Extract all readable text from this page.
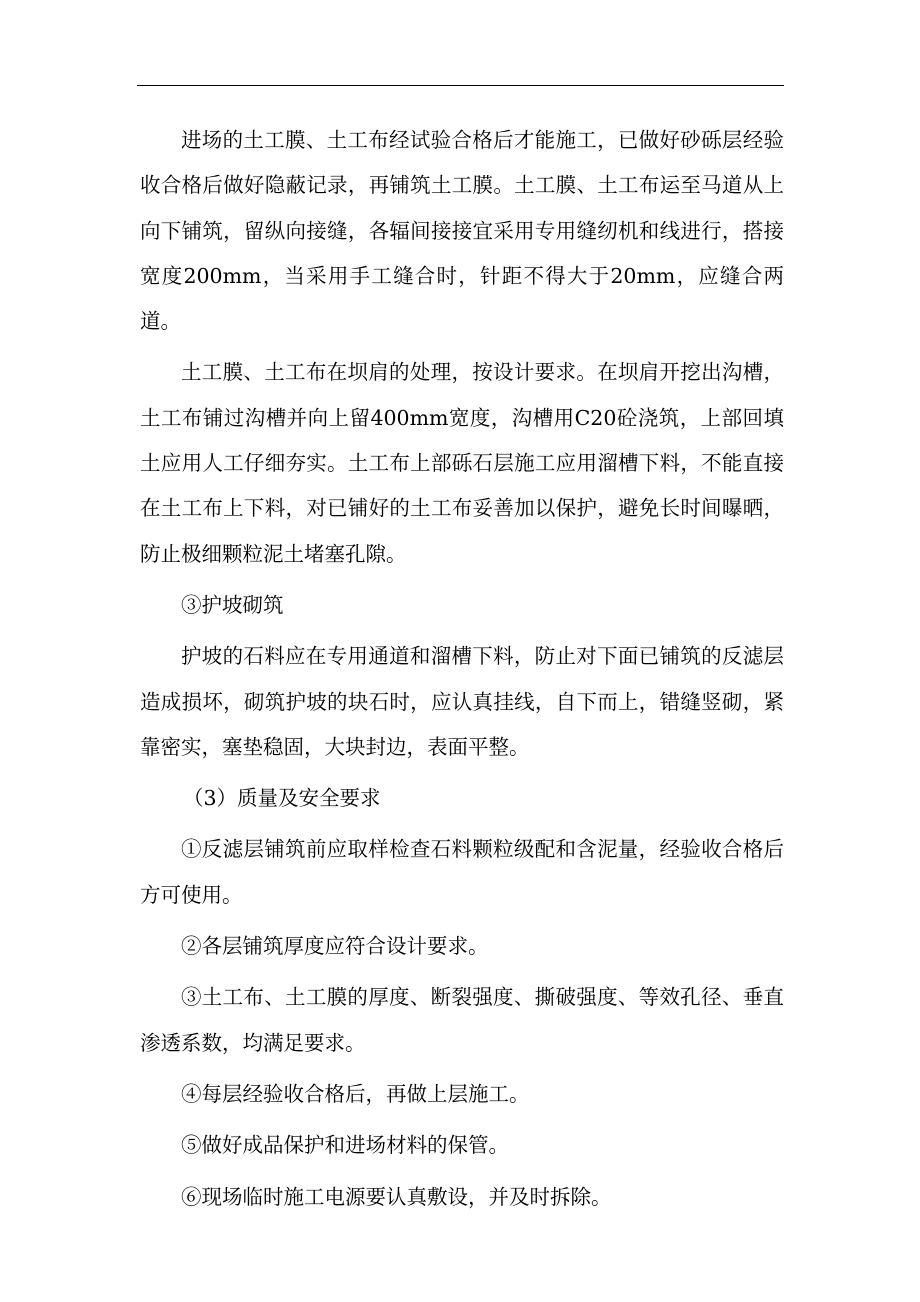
进场的土工膜、土工布经试验合格后才能施工，已做好砂砾层经验收合格后做好隐蔽记录，再铺筑土工膜。土工膜、土工布运至马道从上向下铺筑，留纵向接缝，各辐间接接宜采用专用缝纫机和线进行，搭接宽度200mm，当采用手工缝合时，针距不得大于20mm，应缝合两道。

土工膜、土工布在坝肩的处理，按设计要求。在坝肩开挖出沟槽，土工布铺过沟槽并向上留400mm宽度，沟槽用C20砼浇筑，上部回填土应用人工仔细夯实。土工布上部砾石层施工应用溜槽下料，不能直接在土工布上下料，对已铺好的土工布妥善加以保护，避免长时间曝晒，防止极细颗粒泥土堵塞孔隙。

③护坡砌筑

护坡的石料应在专用通道和溜槽下料，防止对下面已铺筑的反滤层造成损坏，砌筑护坡的块石时，应认真挂线，自下而上，错缝竖砌，紧靠密实，塞垫稳固，大块封边，表面平整。

（3）质量及安全要求

①反滤层铺筑前应取样检查石料颗粒级配和含泥量，经验收合格后方可使用。

②各层铺筑厚度应符合设计要求。

③土工布、土工膜的厚度、断裂强度、撕破强度、等效孔径、垂直渗透系数，均满足要求。

④每层经验收合格后，再做上层施工。

⑤做好成品保护和进场材料的保管。

⑥现场临时施工电源要认真敷设，并及时拆除。
